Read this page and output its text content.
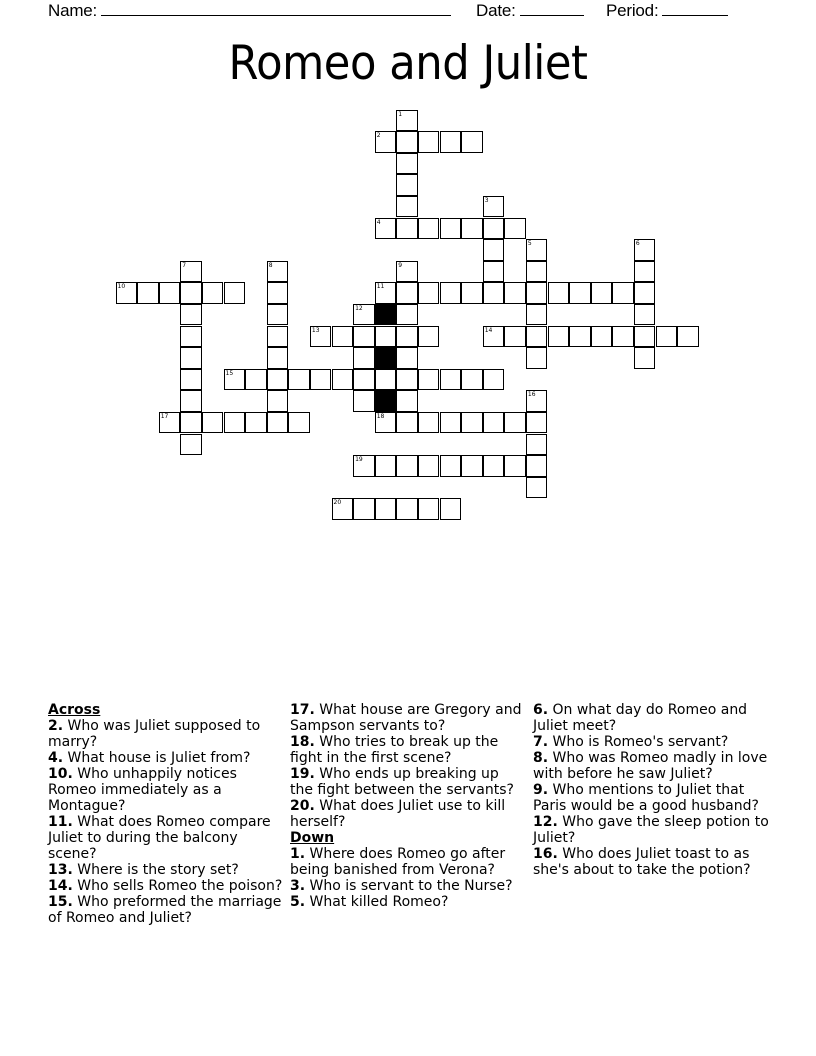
Name:	Date:	Period:
Romeo and Juliet
1
2
3
4
5	6
7	8	9
10	11
12
13	14
15
16
17	18
19
20
Across
2. Who was Juliet supposed to marry?
4. What house is Juliet from?
10. Who unhappily notices Romeo immediately as a Montague?
11. What does Romeo compare Juliet to during the balcony scene?
13. Where is the story set?
14. Who sells Romeo the poison?
15. Who preformed the marriage of Romeo and Juliet?
17. What house are Gregory and Sampson servants to?
18. Who tries to break up the fight in the first scene?
19. Who ends up breaking up the fight between the servants?
20. What does Juliet use to kill herself?
Down
1. Where does Romeo go after being banished from Verona?
3. Who is servant to the Nurse?
5. What killed Romeo?
6. On what day do Romeo and Juliet meet?
7. Who is Romeo's servant?
8. Who was Romeo madly in love with before he saw Juliet?
9. Who mentions to Juliet that Paris would be a good husband?
12. Who gave the sleep potion to Juliet?
16. Who does Juliet toast to as she's about to take the potion?
